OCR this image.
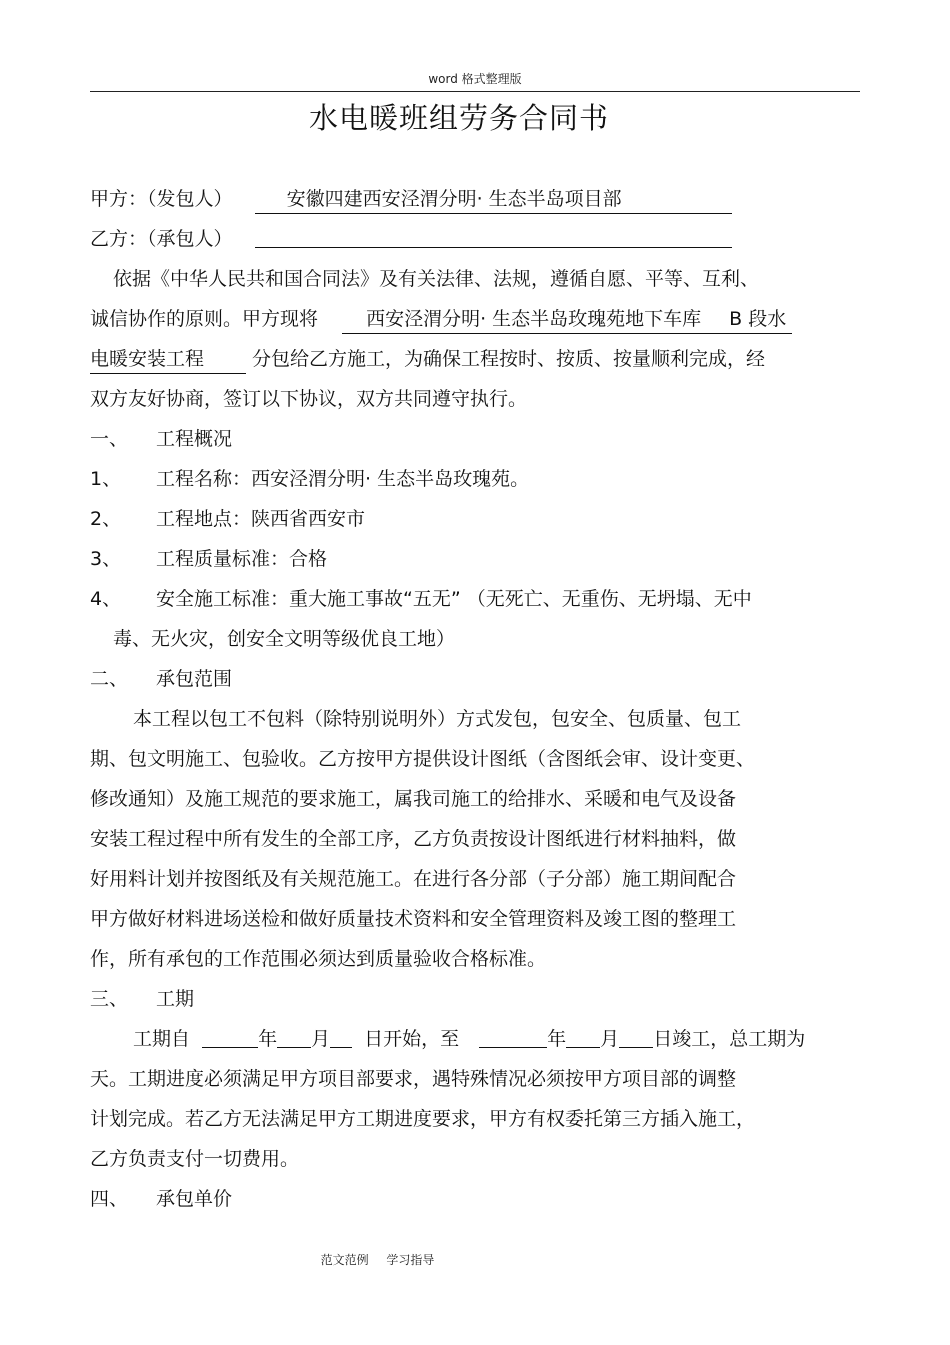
word 格式整理版
水电暖班组劳务合同书
甲方：（发包人）	安徽四建西安泾渭分明· 生态半岛项目部
乙方：（承包人）
依据《中华人民共和国合同法》及有关法律、法规，遵循自愿、平等、互利、
诚信协作的原则。甲方现将	西安泾渭分明· 生态半岛玫瑰苑地下车库 B 段水
电暖安装工程	分包给乙方施工，为确保工程按时、按质、按量顺利完成，经
双方友好协商，签订以下协议，双方共同遵守执行。
一、 工程概况
1、 工程名称：西安泾渭分明· 生态半岛玫瑰苑。
2、 工程地点：陕西省西安市
3、 工程质量标准：合格
4、 安全施工标准：重大施工事故“五无” （无死亡、无重伤、无坍塌、无中
毒、无火灾，创安全文明等级优良工地）
二、 承包范围
本工程以包工不包料（除特别说明外）方式发包，包安全、包质量、包工
期、包文明施工、包验收。乙方按甲方提供设计图纸（含图纸会审、设计变更、
修改通知）及施工规范的要求施工，属我司施工的给排水、采暖和电气及设备
安装工程过程中所有发生的全部工序，乙方负责按设计图纸进行材料抽料，做
好用料计划并按图纸及有关规范施工。在进行各分部（子分部）施工期间配合
甲方做好材料进场送检和做好质量技术资料和安全管理资料及竣工图的整理工
作，所有承包的工作范围必须达到质量验收合格标准。
三、 工期
工期自	年 月 日开始，至	年 月 日竣工，总工期为
天。工期进度必须满足甲方项目部要求，遇特殊情况必须按甲方项目部的调整
计划完成。若乙方无法满足甲方工期进度要求，甲方有权委托第三方插入施工，
乙方负责支付一切费用。
四、 承包单价
范文范例 学习指导
